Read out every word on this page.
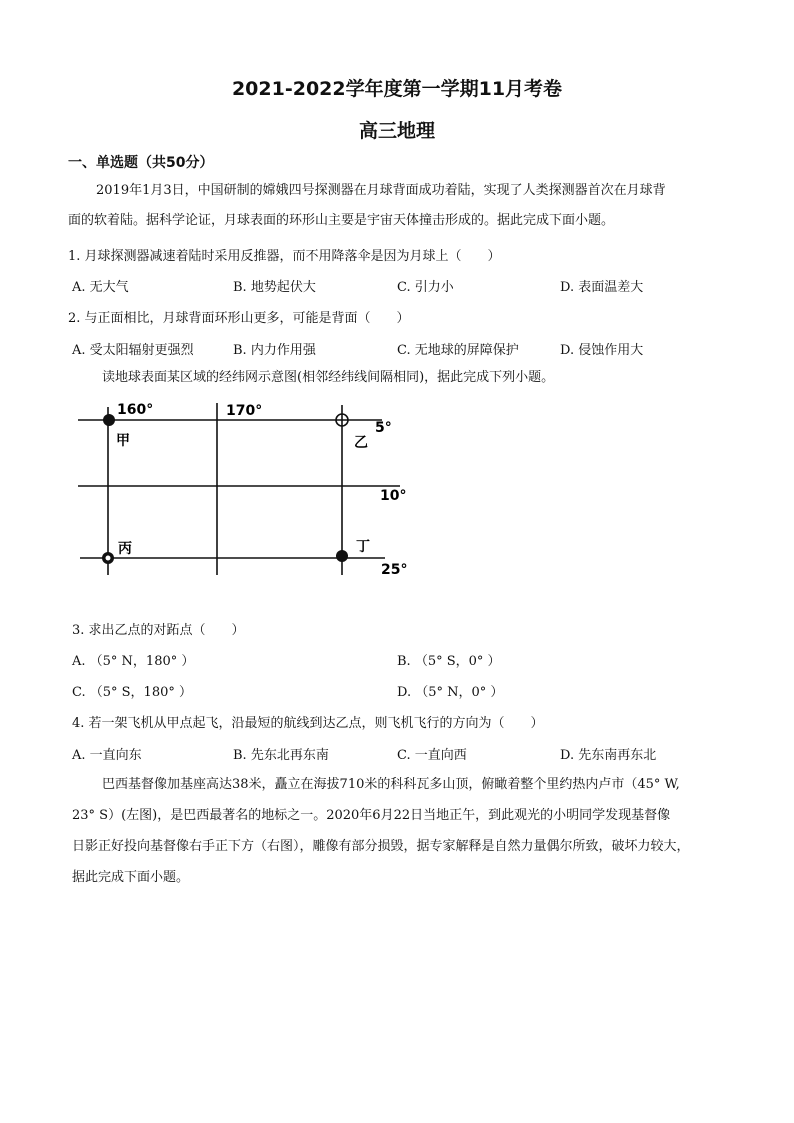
2021-2022学年度第一学期11月考卷
高三地理
一、单选题（共50分）
2019年1月3日，中国研制的嫦娥四号探测器在月球背面成功着陆，实现了人类探测器首次在月球背
面的软着陆。据科学论证，月球表面的环形山主要是宇宙天体撞击形成的。据此完成下面小题。
1. 月球探测器减速着陆时采用反推器，而不用降落伞是因为月球上（　　）
A. 无大气	B. 地势起伏大	C. 引力小	D. 表面温差大
2. 与正面相比，月球背面环形山更多，可能是背面（　　）
A. 受太阳辐射更强烈	B. 内力作用强	C. 无地球的屏障保护	D. 侵蚀作用大
读地球表面某区域的经纬网示意图(相邻经纬线间隔相同)，据此完成下列小题。
160°	170°
5°
10°
25°
甲	乙
丙	丁
3. 求出乙点的对跖点（　　）
A. （5° N，180° ）	B. （5° S，0° ）
C. （5° S，180° ）	D. （5° N，0° ）
4. 若一架飞机从甲点起飞，沿最短的航线到达乙点，则飞机飞行的方向为（　　）
A. 一直向东	B. 先东北再东南	C. 一直向西	D. 先东南再东北
巴西基督像加基座高达38米，矗立在海拔710米的科科瓦多山顶，俯瞰着整个里约热内卢市（45° W,
23° S）(左图)，是巴西最著名的地标之一。2020年6月22日当地正午，到此观光的小明同学发现基督像
日影正好投向基督像右手正下方（右图），雕像有部分损毁，据专家解释是自然力量偶尔所致，破坏力较大，
据此完成下面小题。
